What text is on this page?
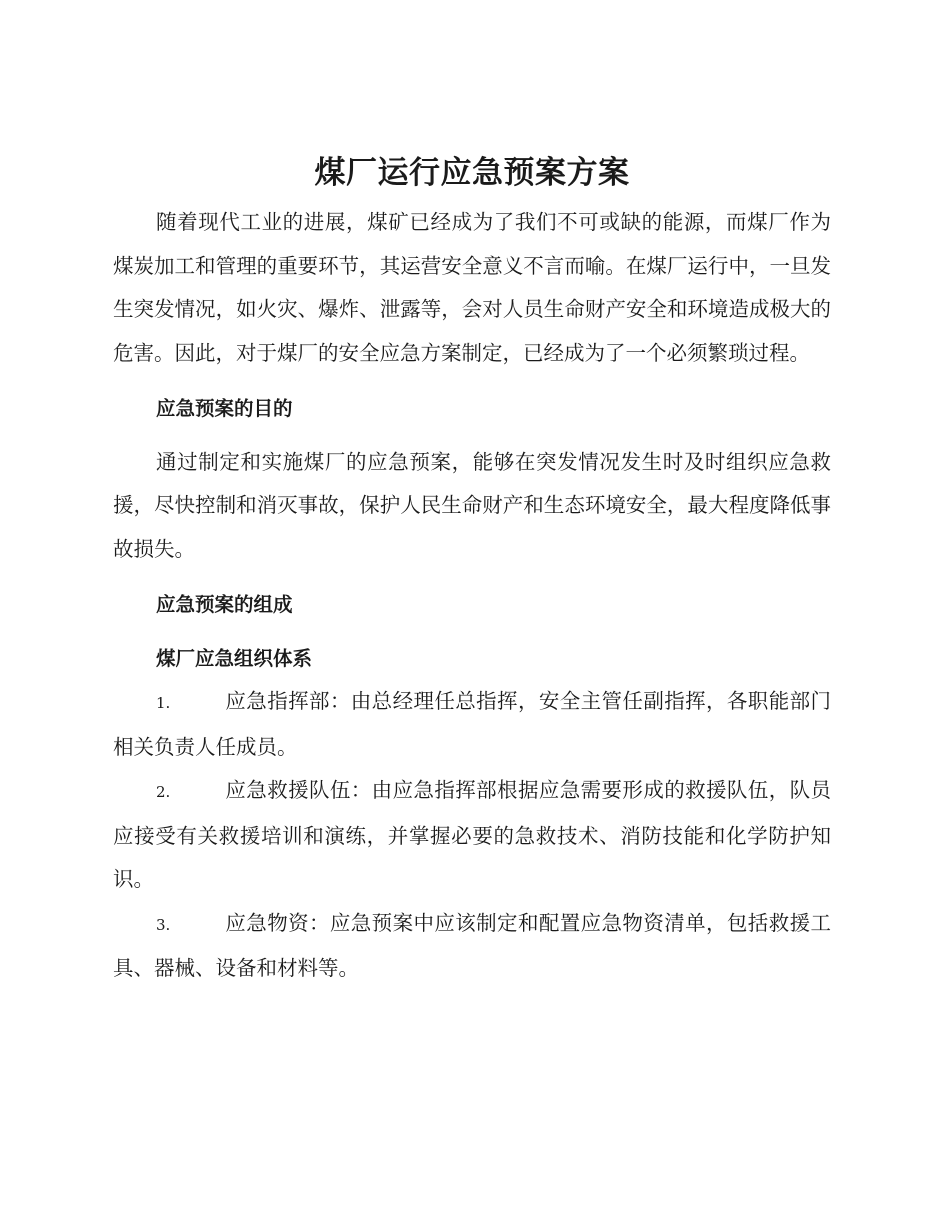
煤厂运行应急预案方案

随着现代工业的进展，煤矿已经成为了我们不可或缺的能源，而煤厂作为煤炭加工和管理的重要环节，其运营安全意义不言而喻。在煤厂运行中，一旦发生突发情况，如火灾、爆炸、泄露等，会对人员生命财产安全和环境造成极大的危害。因此，对于煤厂的安全应急方案制定，已经成为了一个必须繁琐过程。

应急预案的目的

通过制定和实施煤厂的应急预案，能够在突发情况发生时及时组织应急救援，尽快控制和消灭事故，保护人民生命财产和生态环境安全，最大程度降低事故损失。

应急预案的组成
煤厂应急组织体系

1.	应急指挥部：由总经理任总指挥，安全主管任副指挥，各职能部门相关负责人任成员。

2.	应急救援队伍：由应急指挥部根据应急需要形成的救援队伍，队员应接受有关救援培训和演练，并掌握必要的急救技术、消防技能和化学防护知识。

3.	应急物资：应急预案中应该制定和配置应急物资清单，包括救援工具、器械、设备和材料等。
